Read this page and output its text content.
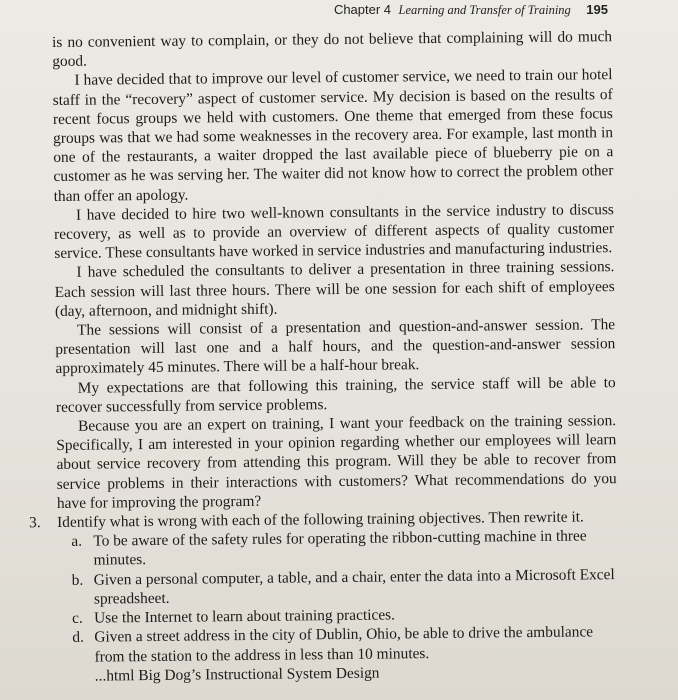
Chapter 4 Learning and Transfer of Training 195

is no convenient way to complain, or they do not believe that complaining will do much good.

I have decided that to improve our level of customer service, we need to train our hotel staff in the “recovery” aspect of customer service. My decision is based on the results of recent focus groups we held with customers. One theme that emerged from these focus groups was that we had some weaknesses in the recovery area. For example, last month in one of the restaurants, a waiter dropped the last available piece of blueberry pie on a customer as he was serving her. The waiter did not know how to correct the problem other than offer an apology.

I have decided to hire two well-known consultants in the service industry to discuss recovery, as well as to provide an overview of different aspects of quality customer service. These consultants have worked in service industries and manufacturing industries.

I have scheduled the consultants to deliver a presentation in three training sessions. Each session will last three hours. There will be one session for each shift of employees (day, afternoon, and midnight shift).

The sessions will consist of a presentation and question-and-answer session. The presentation will last one and a half hours, and the question-and-answer session approximately 45 minutes. There will be a half-hour break.

My expectations are that following this training, the service staff will be able to recover successfully from service problems.

Because you are an expert on training, I want your feedback on the training session. Specifically, I am interested in your opinion regarding whether our employees will learn about service recovery from attending this program. Will they be able to recover from service problems in their interactions with customers? What recommendations do you have for improving the program?

3.	Identify what is wrong with each of the following training objectives. Then rewrite it.
a. To be aware of the safety rules for operating the ribbon-cutting machine in three minutes.
b. Given a personal computer, a table, and a chair, enter the data into a Microsoft Excel spreadsheet.
c. Use the Internet to learn about training practices.
d. Given a street address in the city of Dublin, Ohio, be able to drive the ambulance from the station to the address in less than 10 minutes.
...html Big Dog’s Instructional System Design
